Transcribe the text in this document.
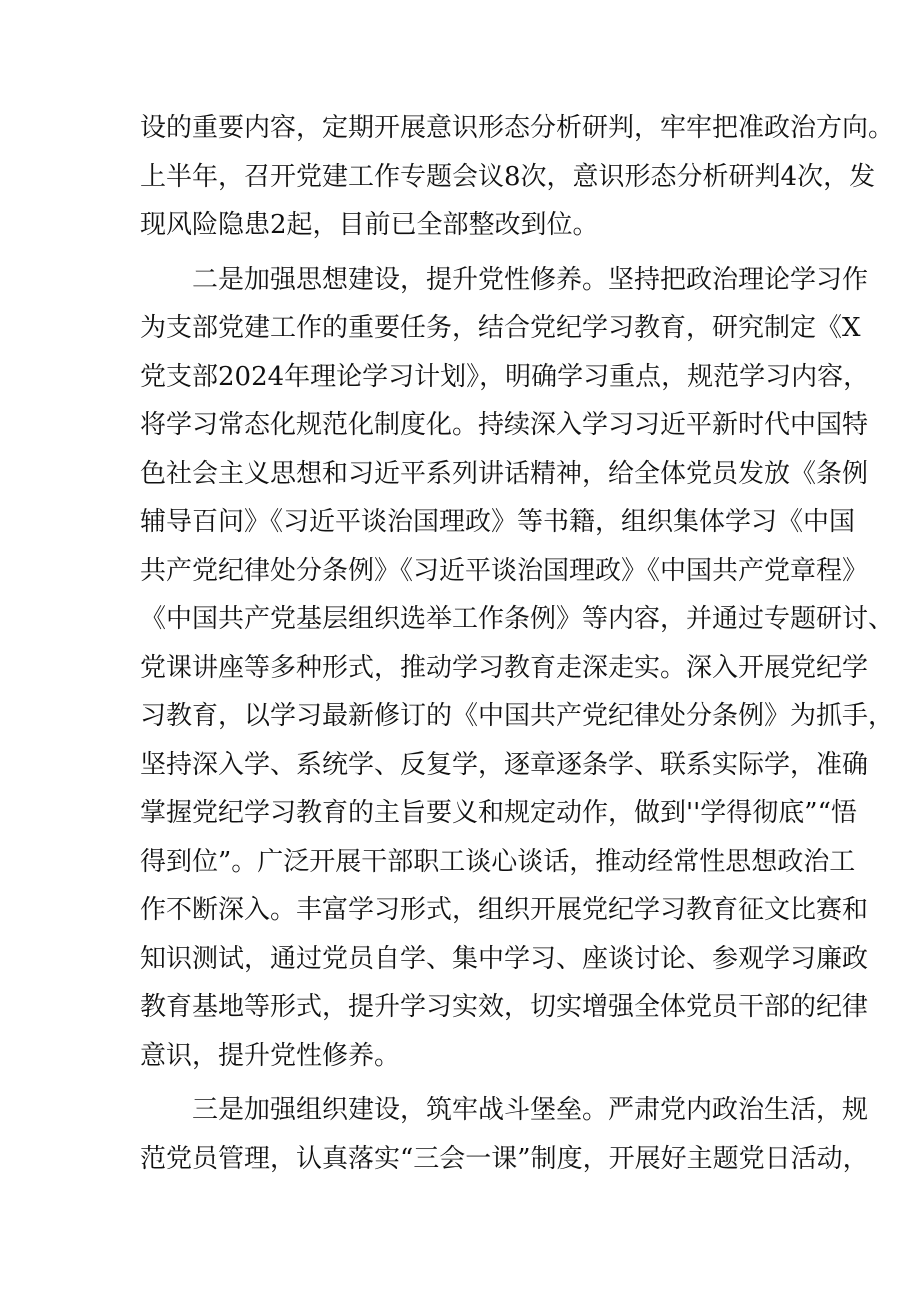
设的重要内容，定期开展意识形态分析研判，牢牢把准政治方向。
上半年，召开党建工作专题会议8次，意识形态分析研判4次，发
现风险隐患2起，目前已全部整改到位。
二是加强思想建设，提升党性修养。坚持把政治理论学习作
为支部党建工作的重要任务，结合党纪学习教育，研究制定《X
党支部2024年理论学习计划》，明确学习重点，规范学习内容，
将学习常态化规范化制度化。持续深入学习习近平新时代中国特
色社会主义思想和习近平系列讲话精神，给全体党员发放《条例
辅导百问》《习近平谈治国理政》等书籍，组织集体学习《中国
共产党纪律处分条例》《习近平谈治国理政》《中国共产党章程》
《中国共产党基层组织选举工作条例》等内容，并通过专题研讨、
党课讲座等多种形式，推动学习教育走深走实。深入开展党纪学
习教育，以学习最新修订的《中国共产党纪律处分条例》为抓手，
坚持深入学、系统学、反复学，逐章逐条学、联系实际学，准确
掌握党纪学习教育的主旨要义和规定动作，做到''学得彻底”“悟
得到位”。广泛开展干部职工谈心谈话，推动经常性思想政治工
作不断深入。丰富学习形式，组织开展党纪学习教育征文比赛和
知识测试，通过党员自学、集中学习、座谈讨论、参观学习廉政
教育基地等形式，提升学习实效，切实增强全体党员干部的纪律
意识，提升党性修养。
三是加强组织建设，筑牢战斗堡垒。严肃党内政治生活，规
范党员管理，认真落实“三会一课”制度，开展好主题党日活动，
